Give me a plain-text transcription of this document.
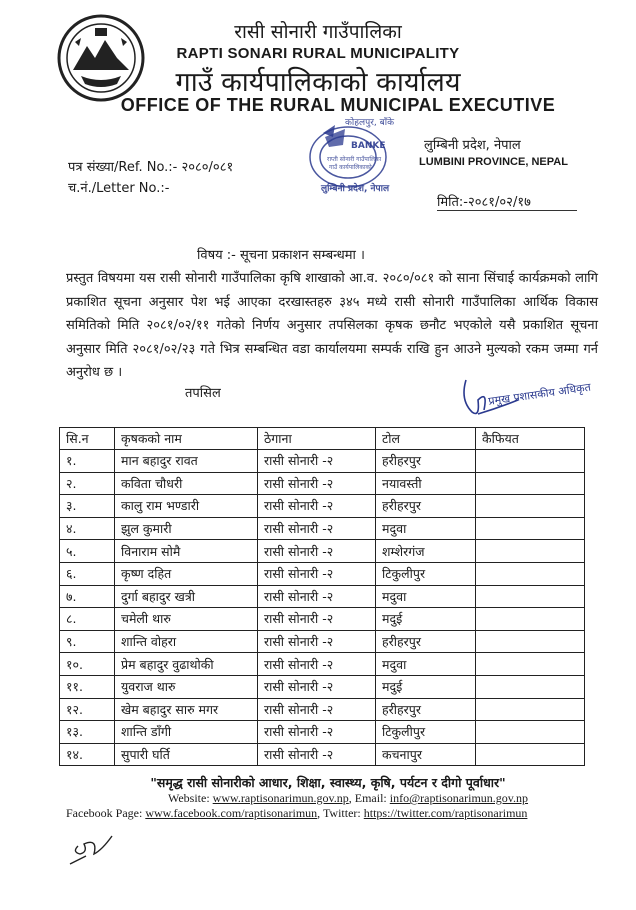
रासी सोनारी गाउँपालिका
RAPTI SONARI RURAL MUNICIPALITY
गाउँ कार्यपालिकाको कार्यालय
OFFICE OF THE RURAL MUNICIPAL EXECUTIVE
कोहलपुर, बाँके
BANKE
राप्ती सोनारी गाउँपालिका
गाउँ कार्यपालिकाको
लुम्बिनी प्रदेश, नेपाल
लुम्बिनी प्रदेश, नेपाल
LUMBINI PROVINCE, NEPAL
पत्र संख्या/Ref. No.:- २०८०/०८१
च.नं./Letter No.:-
मिति:-२०८१/०२/१७
विषय :- सूचना प्रकाशन सम्बन्धमा ।
प्रस्तुत विषयमा यस रासी सोनारी गाउँपालिका कृषि शाखाको आ.व. २०८०/०८१ को साना सिंचाई कार्यक्रमको लागि प्रकाशित सूचना अनुसार पेश भई आएका दरखास्तहरु ३४५ मध्ये रासी सोनारी गाउँपालिका आर्थिक विकास समितिको मिति २०८१/०२/११ गतेको निर्णय अनुसार तपसिलका कृषक छनौट भएकोले यसै प्रकाशित सूचना अनुसार मिति २०८१/०२/२३ गते भित्र सम्बन्धित वडा कार्यालयमा सम्पर्क राखि हुन आउने मुल्यको रकम जम्मा गर्न अनुरोध छ ।
तपसिल	प्रमुख प्रशासकीय अधिकृत
सि.न	कृषकको नाम	ठेगाना	टोल	कैफियत
१.	मान बहादुर रावत	रासी सोनारी -२	हरीहरपुर	
२.	कविता चौधरी	रासी सोनारी -२	नयावस्ती	
३.	कालु राम भण्डारी	रासी सोनारी -२	हरीहरपुर	
४.	झुल कुमारी	रासी सोनारी -२	मदुवा	
५.	विनाराम सोमै	रासी सोनारी -२	शम्शेरगंज	
६.	कृष्ण दहित	रासी सोनारी -२	टिकुलीपुर	
७.	दुर्गा बहादुर खत्री	रासी सोनारी -२	मदुवा	
८.	चमेली थारु	रासी सोनारी -२	मदुई	
९.	शान्ति वोहरा	रासी सोनारी -२	हरीहरपुर	
१०.	प्रेम बहादुर वुढाथोकी	रासी सोनारी -२	मदुवा	
११.	युवराज थारु	रासी सोनारी -२	मदुई	
१२.	खेम बहादुर सारु मगर	रासी सोनारी -२	हरीहरपुर	
१३.	शान्ति डाँगी	रासी सोनारी -२	टिकुलीपुर	
१४.	सुपारी घर्ति	रासी सोनारी -२	कचनापुर	
"समृद्ध रासी सोनारीको आधार, शिक्षा, स्वास्थ्य, कृषि, पर्यटन र दीगो पूर्वाधार"
Website: www.raptisonarimun.gov.np, Email: info@raptisonarimun.gov.np
Facebook Page: www.facebook.com/raptisonarimun, Twitter: https://twitter.com/raptisonarimun
